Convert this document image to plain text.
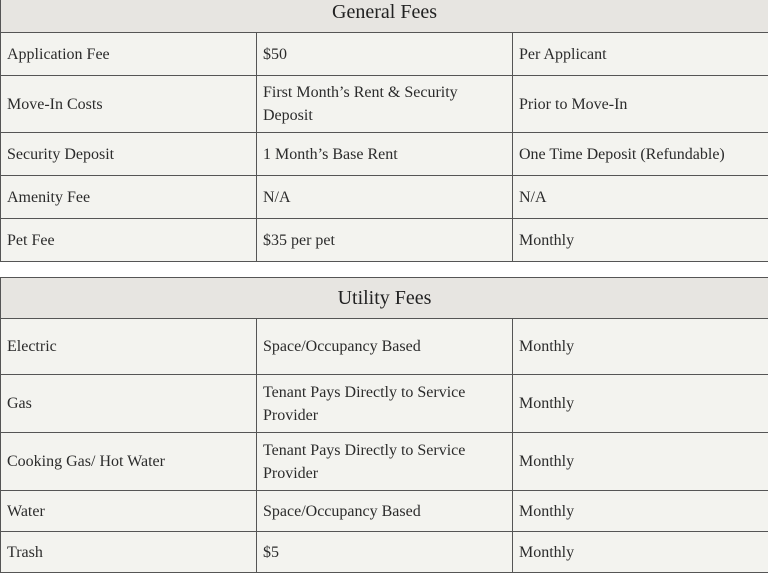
General Fees		
Application Fee	$50	Per Applicant
Move-In Costs	First Month’s Rent & Security Deposit	Prior to Move-In
Security Deposit	1 Month’s Base Rent	One Time Deposit (Refundable)
Amenity Fee	N/A	N/A
Pet Fee	$35 per pet	Monthly
Utility Fees		
Electric	Space/Occupancy Based	Monthly
Gas	Tenant Pays Directly to Service Provider	Monthly
Cooking Gas/ Hot Water	Tenant Pays Directly to Service Provider	Monthly
Water	Space/Occupancy Based	Monthly
Trash	$5	Monthly
